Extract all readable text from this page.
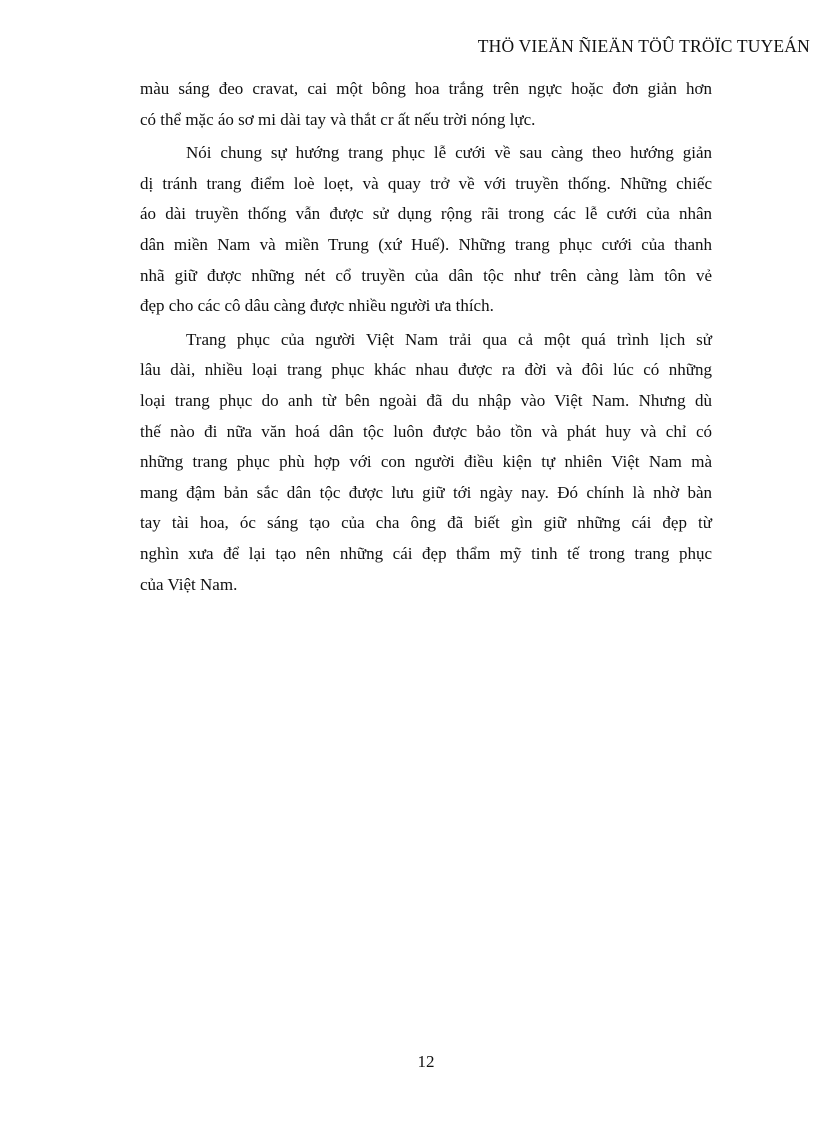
THÖ VIEÄN ÑIEÄN TÖÛ TRÖÏC TUYEÁN
màu sáng đeo cravat, cai một bông hoa trắng trên ngực hoặc đơn giản hơn
có thể mặc áo sơ mi dài tay và thắt cr ất nếu trời nóng lực.
Nói chung sự hướng trang phục lễ cưới về sau càng theo hướng giản
dị tránh trang điểm loè loẹt, và quay trở về với truyền thống. Những chiếc
áo dài truyền thống vẫn được sử dụng rộng rãi trong các lễ cưới của nhân
dân miền Nam và miền Trung (xứ Huế). Những trang phục cưới của thanh
nhã giữ được những nét cổ truyền của dân tộc như trên càng làm tôn vẻ
đẹp cho các cô dâu càng được nhiều người ưa thích.
Trang phục của người Việt Nam trải qua cả một quá trình lịch sử
lâu dài, nhiều loại trang phục khác nhau được ra đời và đôi lúc có những
loại trang phục do anh từ bên ngoài đã du nhập vào Việt Nam. Nhưng dù
thế nào đi nữa văn hoá dân tộc luôn được bảo tồn và phát huy và chỉ có
những trang phục phù hợp với con người điều kiện tự nhiên Việt Nam mà
mang đậm bản sắc dân tộc được lưu giữ tới ngày nay. Đó chính là nhờ bàn
tay tài hoa, óc sáng tạo của cha ông đã biết gìn giữ những cái đẹp từ
nghìn xưa để lại tạo nên những cái đẹp thẩm mỹ tinh tế trong trang phục
của Việt Nam.
12
